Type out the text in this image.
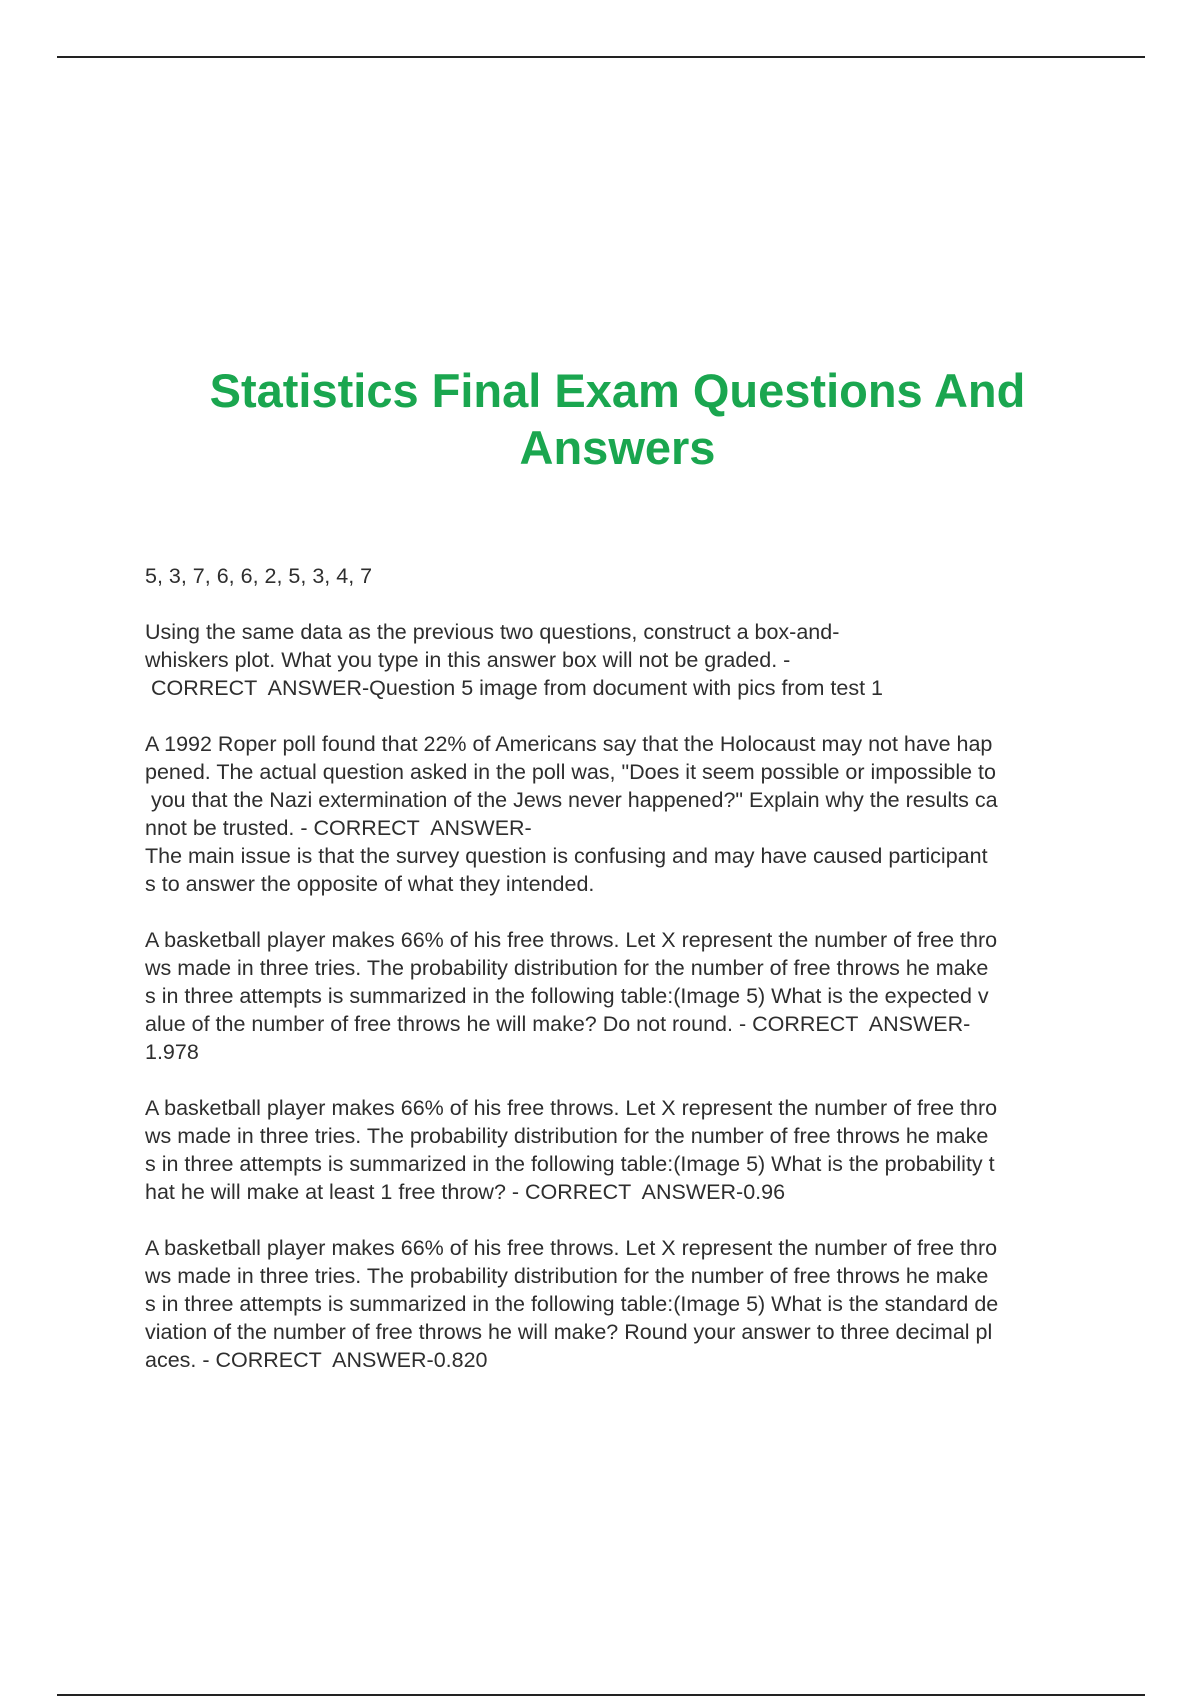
Statistics Final Exam Questions And
Answers

5, 3, 7, 6, 6, 2, 5, 3, 4, 7

Using the same data as the previous two questions, construct a box-and-
whiskers plot. What you type in this answer box will not be graded. -
CORRECT  ANSWER-Question 5 image from document with pics from test 1

A 1992 Roper poll found that 22% of Americans say that the Holocaust may not have hap
pened. The actual question asked in the poll was, "Does it seem possible or impossible to
you that the Nazi extermination of the Jews never happened?" Explain why the results ca
nnot be trusted. - CORRECT  ANSWER-
The main issue is that the survey question is confusing and may have caused participant
s to answer the opposite of what they intended.

A basketball player makes 66% of his free throws. Let X represent the number of free thro
ws made in three tries. The probability distribution for the number of free throws he make
s in three attempts is summarized in the following table:(Image 5) What is the expected v
alue of the number of free throws he will make? Do not round. - CORRECT  ANSWER-
1.978

A basketball player makes 66% of his free throws. Let X represent the number of free thro
ws made in three tries. The probability distribution for the number of free throws he make
s in three attempts is summarized in the following table:(Image 5) What is the probability t
hat he will make at least 1 free throw? - CORRECT  ANSWER-0.96

A basketball player makes 66% of his free throws. Let X represent the number of free thro
ws made in three tries. The probability distribution for the number of free throws he make
s in three attempts is summarized in the following table:(Image 5) What is the standard de
viation of the number of free throws he will make? Round your answer to three decimal pl
aces. - CORRECT  ANSWER-0.820
